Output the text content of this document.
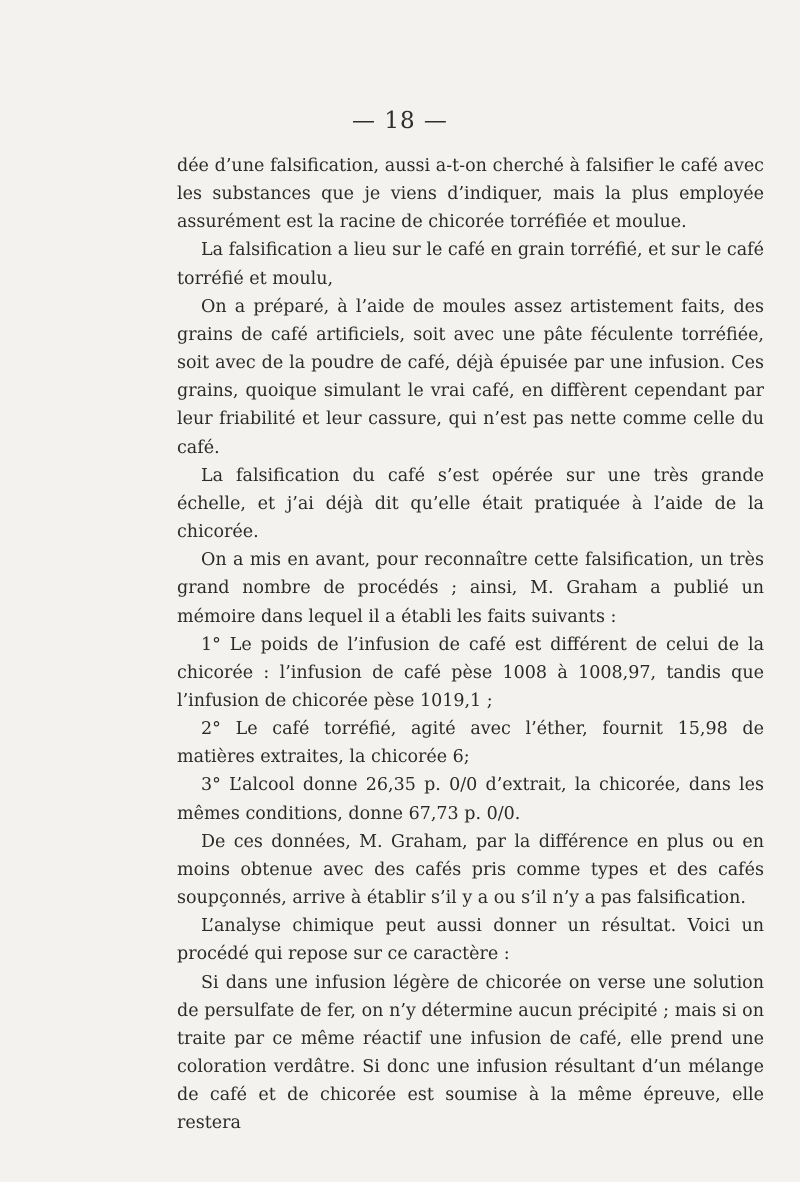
— 18 —

dée d’une falsification, aussi a-t-on cherché à falsifier le café avec les substances que je viens d’indiquer, mais la plus employée assurément est la racine de chicorée torréfiée et moulue.

La falsification a lieu sur le café en grain torréfié, et sur le café torréfié et moulu,

On a préparé, à l’aide de moules assez artistement faits, des grains de café artificiels, soit avec une pâte féculente torréfiée, soit avec de la poudre de café, déjà épuisée par une infusion. Ces grains, quoique simulant le vrai café, en diffèrent cependant par leur friabilité et leur cassure, qui n’est pas nette comme celle du café.

La falsification du café s’est opérée sur une très grande échelle, et j’ai déjà dit qu’elle était pratiquée à l’aide de la chicorée.

On a mis en avant, pour reconnaître cette falsification, un très grand nombre de procédés ; ainsi, M. Graham a publié un mémoire dans lequel il a établi les faits suivants :

1° Le poids de l’infusion de café est différent de celui de la chicorée : l’infusion de café pèse 1008 à 1008,97, tandis que l’infusion de chicorée pèse 1019,1 ;

2° Le café torréfié, agité avec l’éther, fournit 15,98 de matières extraites, la chicorée 6;

3° L’alcool donne 26,35 p. 0/0 d’extrait, la chicorée, dans les mêmes conditions, donne 67,73 p. 0/0.

De ces données, M. Graham, par la différence en plus ou en moins obtenue avec des cafés pris comme types et des cafés soupçonnés, arrive à établir s’il y a ou s’il n’y a pas falsification.

L’analyse chimique peut aussi donner un résultat. Voici un procédé qui repose sur ce caractère :

Si dans une infusion légère de chicorée on verse une solution de persulfate de fer, on n’y détermine aucun précipité ; mais si on traite par ce même réactif une infusion de café, elle prend une coloration verdâtre. Si donc une infusion résultant d’un mélange de café et de chicorée est soumise à la même épreuve, elle restera
